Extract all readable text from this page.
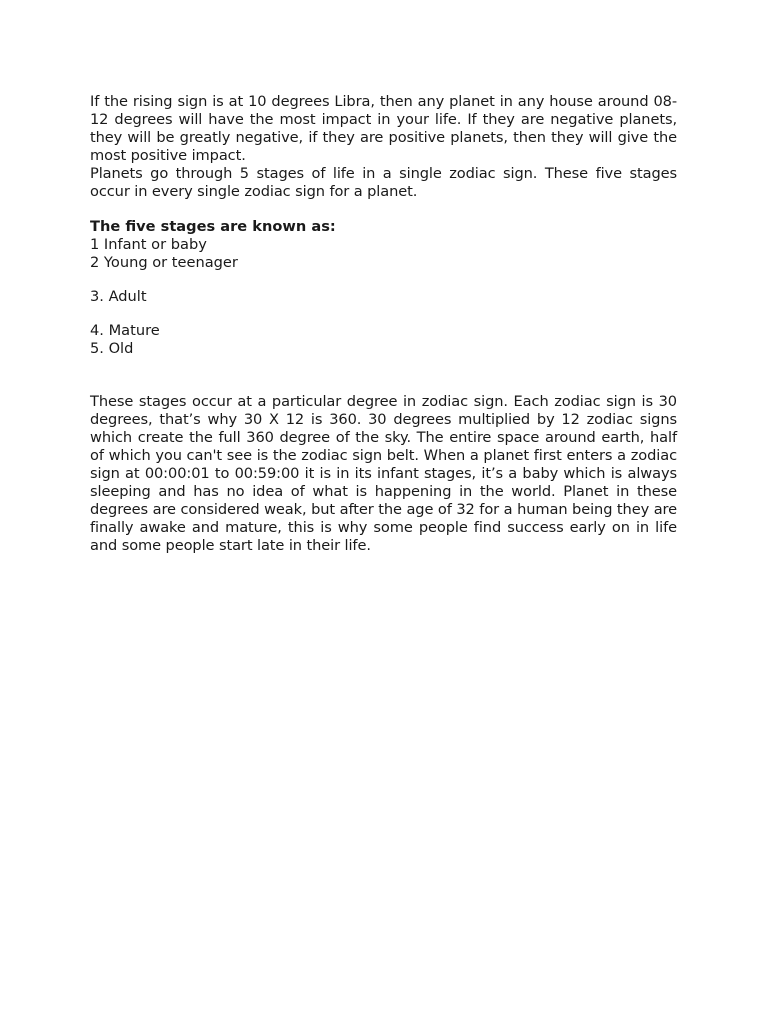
If the rising sign is at 10 degrees Libra, then any planet in any house around 08-12 degrees will have the most impact in your life. If they are negative planets, they will be greatly negative, if they are positive planets, then they will give the most positive impact.

Planets go through 5 stages of life in a single zodiac sign. These five stages occur in every single zodiac sign for a planet.

The five stages are known as:

1 Infant or baby

2 Young or teenager

3. Adult

4. Mature

5. Old

These stages occur at a particular degree in zodiac sign. Each zodiac sign is 30 degrees, that’s why 30 X 12 is 360. 30 degrees multiplied by 12 zodiac signs which create the full 360 degree of the sky. The entire space around earth, half of which you can't see is the zodiac sign belt. When a planet first enters a zodiac sign at 00:00:01 to 00:59:00 it is in its infant stages, it’s a baby which is always sleeping and has no idea of what is happening in the world. Planet in these degrees are considered weak, but after the age of 32 for a human being they are finally awake and mature, this is why some people find success early on in life and some people start late in their life.
